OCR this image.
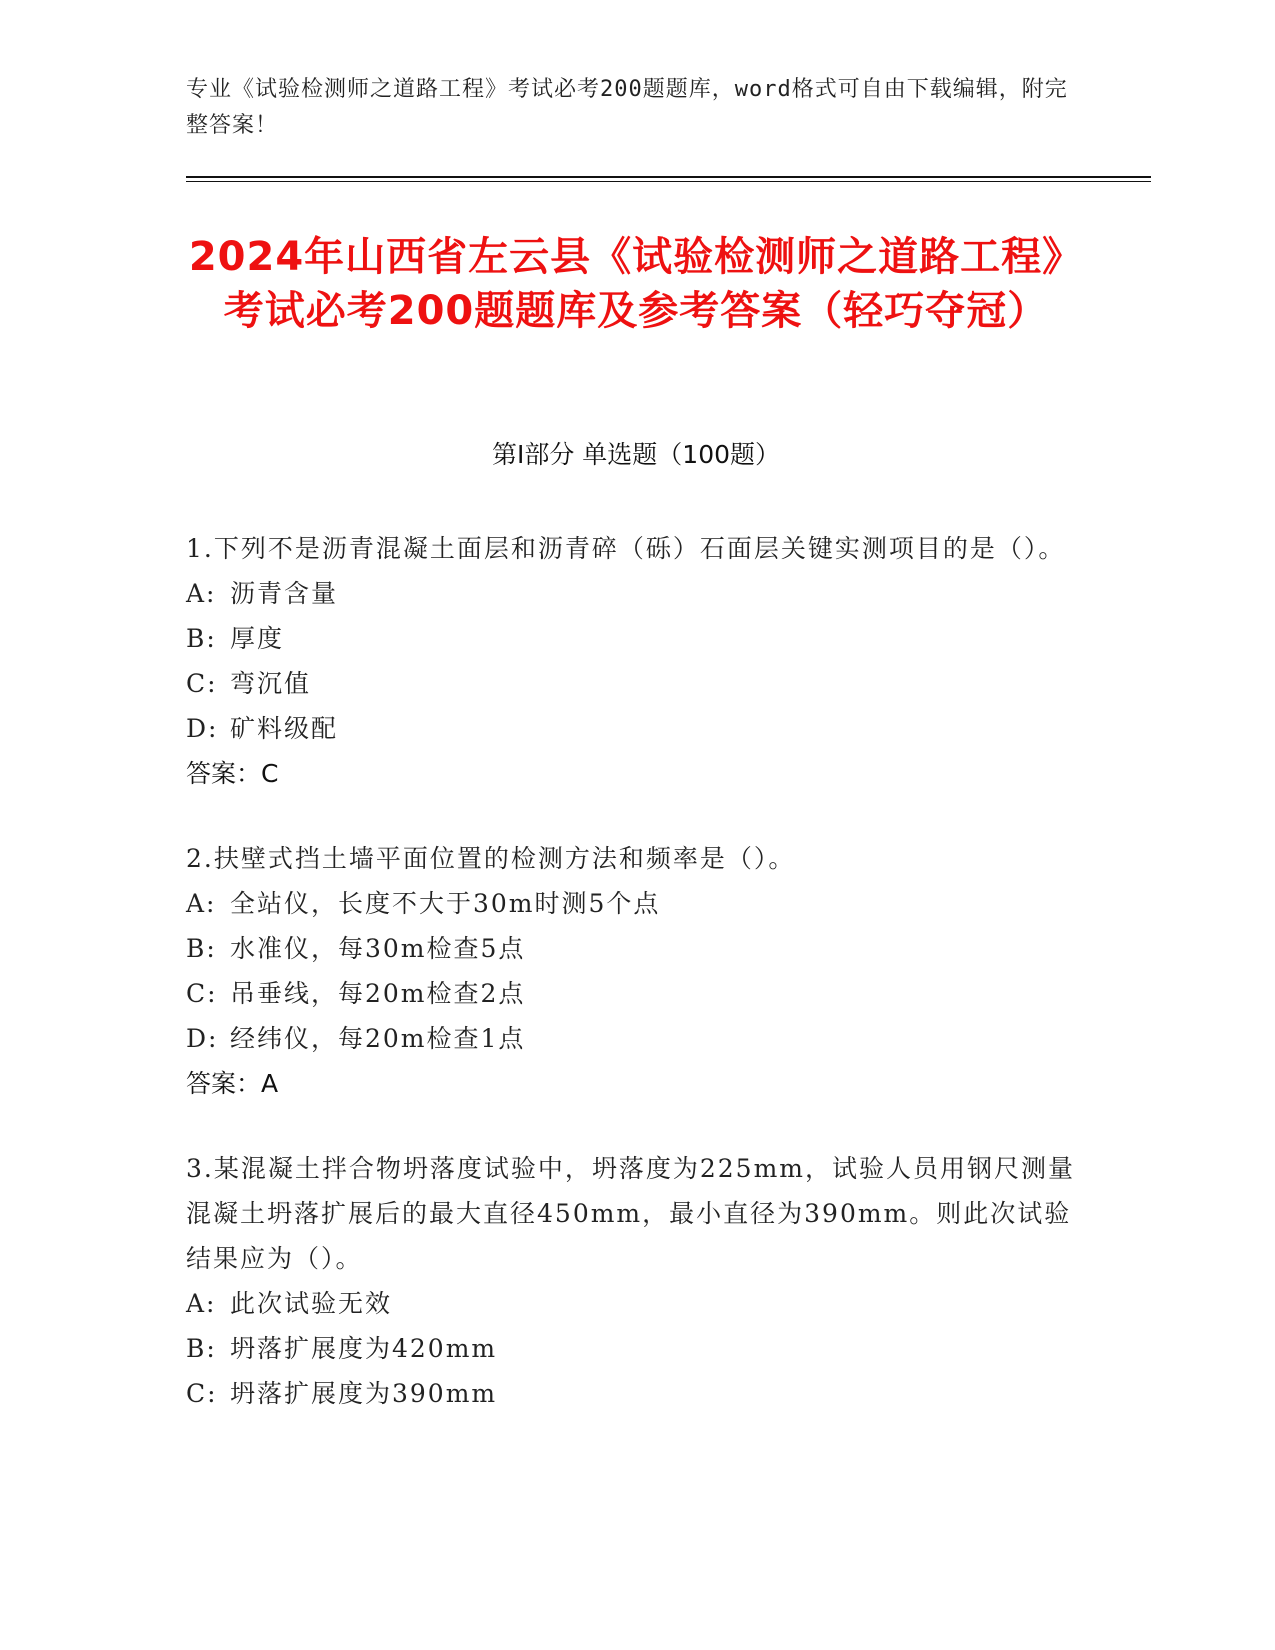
专业《试验检测师之道路工程》考试必考200题题库，word格式可自由下载编辑，附完整答案！
2024年山西省左云县《试验检测师之道路工程》考试必考200题题库及参考答案（轻巧夺冠）
第Ⅰ部分 单选题（100题）
1.下列不是沥青混凝土面层和沥青碎（砾）石面层关键实测项目的是（）。
A: 沥青含量
B: 厚度
C: 弯沉值
D: 矿料级配
答案：C
2.扶壁式挡土墙平面位置的检测方法和频率是（）。
A: 全站仪，长度不大于30m时测5个点
B: 水准仪，每30m检查5点
C: 吊垂线，每20m检查2点
D: 经纬仪，每20m检查1点
答案：A
3.某混凝土拌合物坍落度试验中，坍落度为225mm，试验人员用钢尺测量混凝土坍落扩展后的最大直径450mm，最小直径为390mm。则此次试验结果应为（）。
A: 此次试验无效
B: 坍落扩展度为420mm
C: 坍落扩展度为390mm
